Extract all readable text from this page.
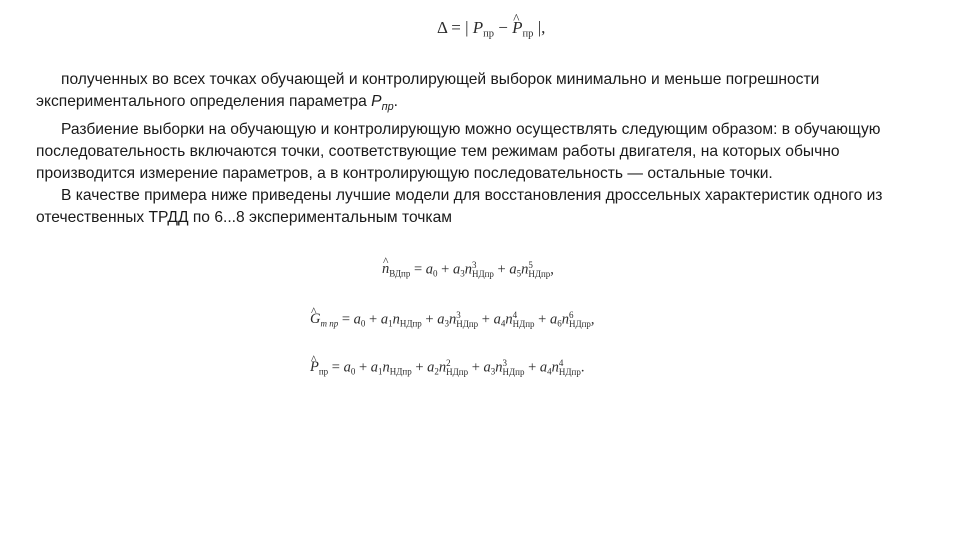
Δ = | $P_{пр}$ − ^ $P_{пр}$ |,

полученных во всех точках обучающей и контролирующей выборок минимально и меньше погрешности экспериментального определения параметра $P_{пр}$.

Разбиение выборки на обучающую и контролирующую можно осуществлять следующим образом: в обучающую последовательность включаются точки, соответствующие тем режимам работы двигателя, на которых обычно производится измерение параметров, а в контролирующую последовательность — остальные точки.

В качестве примера ниже приведены лучшие модели для восстановления дроссельных характеристик одного из отечественных ТРДД по 6...8 экспериментальным точкам

^ $n_{ВДпр} = a_0 + a_3n^3_{НДпр} + a_5n^5_{НДпр}$,
^ $G_{т пр} = a_0 + a_1n_{НДпр} + a_3n^3_{НДпр} + a_4n^4_{НДпр} + a_6n^6_{НДпр}$,
^ $P_{пр} = a_0 + a_1n_{НДпр} + a_2n^2_{НДпр} + a_3n^3_{НДпр} + a_4n^4_{НДпр}$.
